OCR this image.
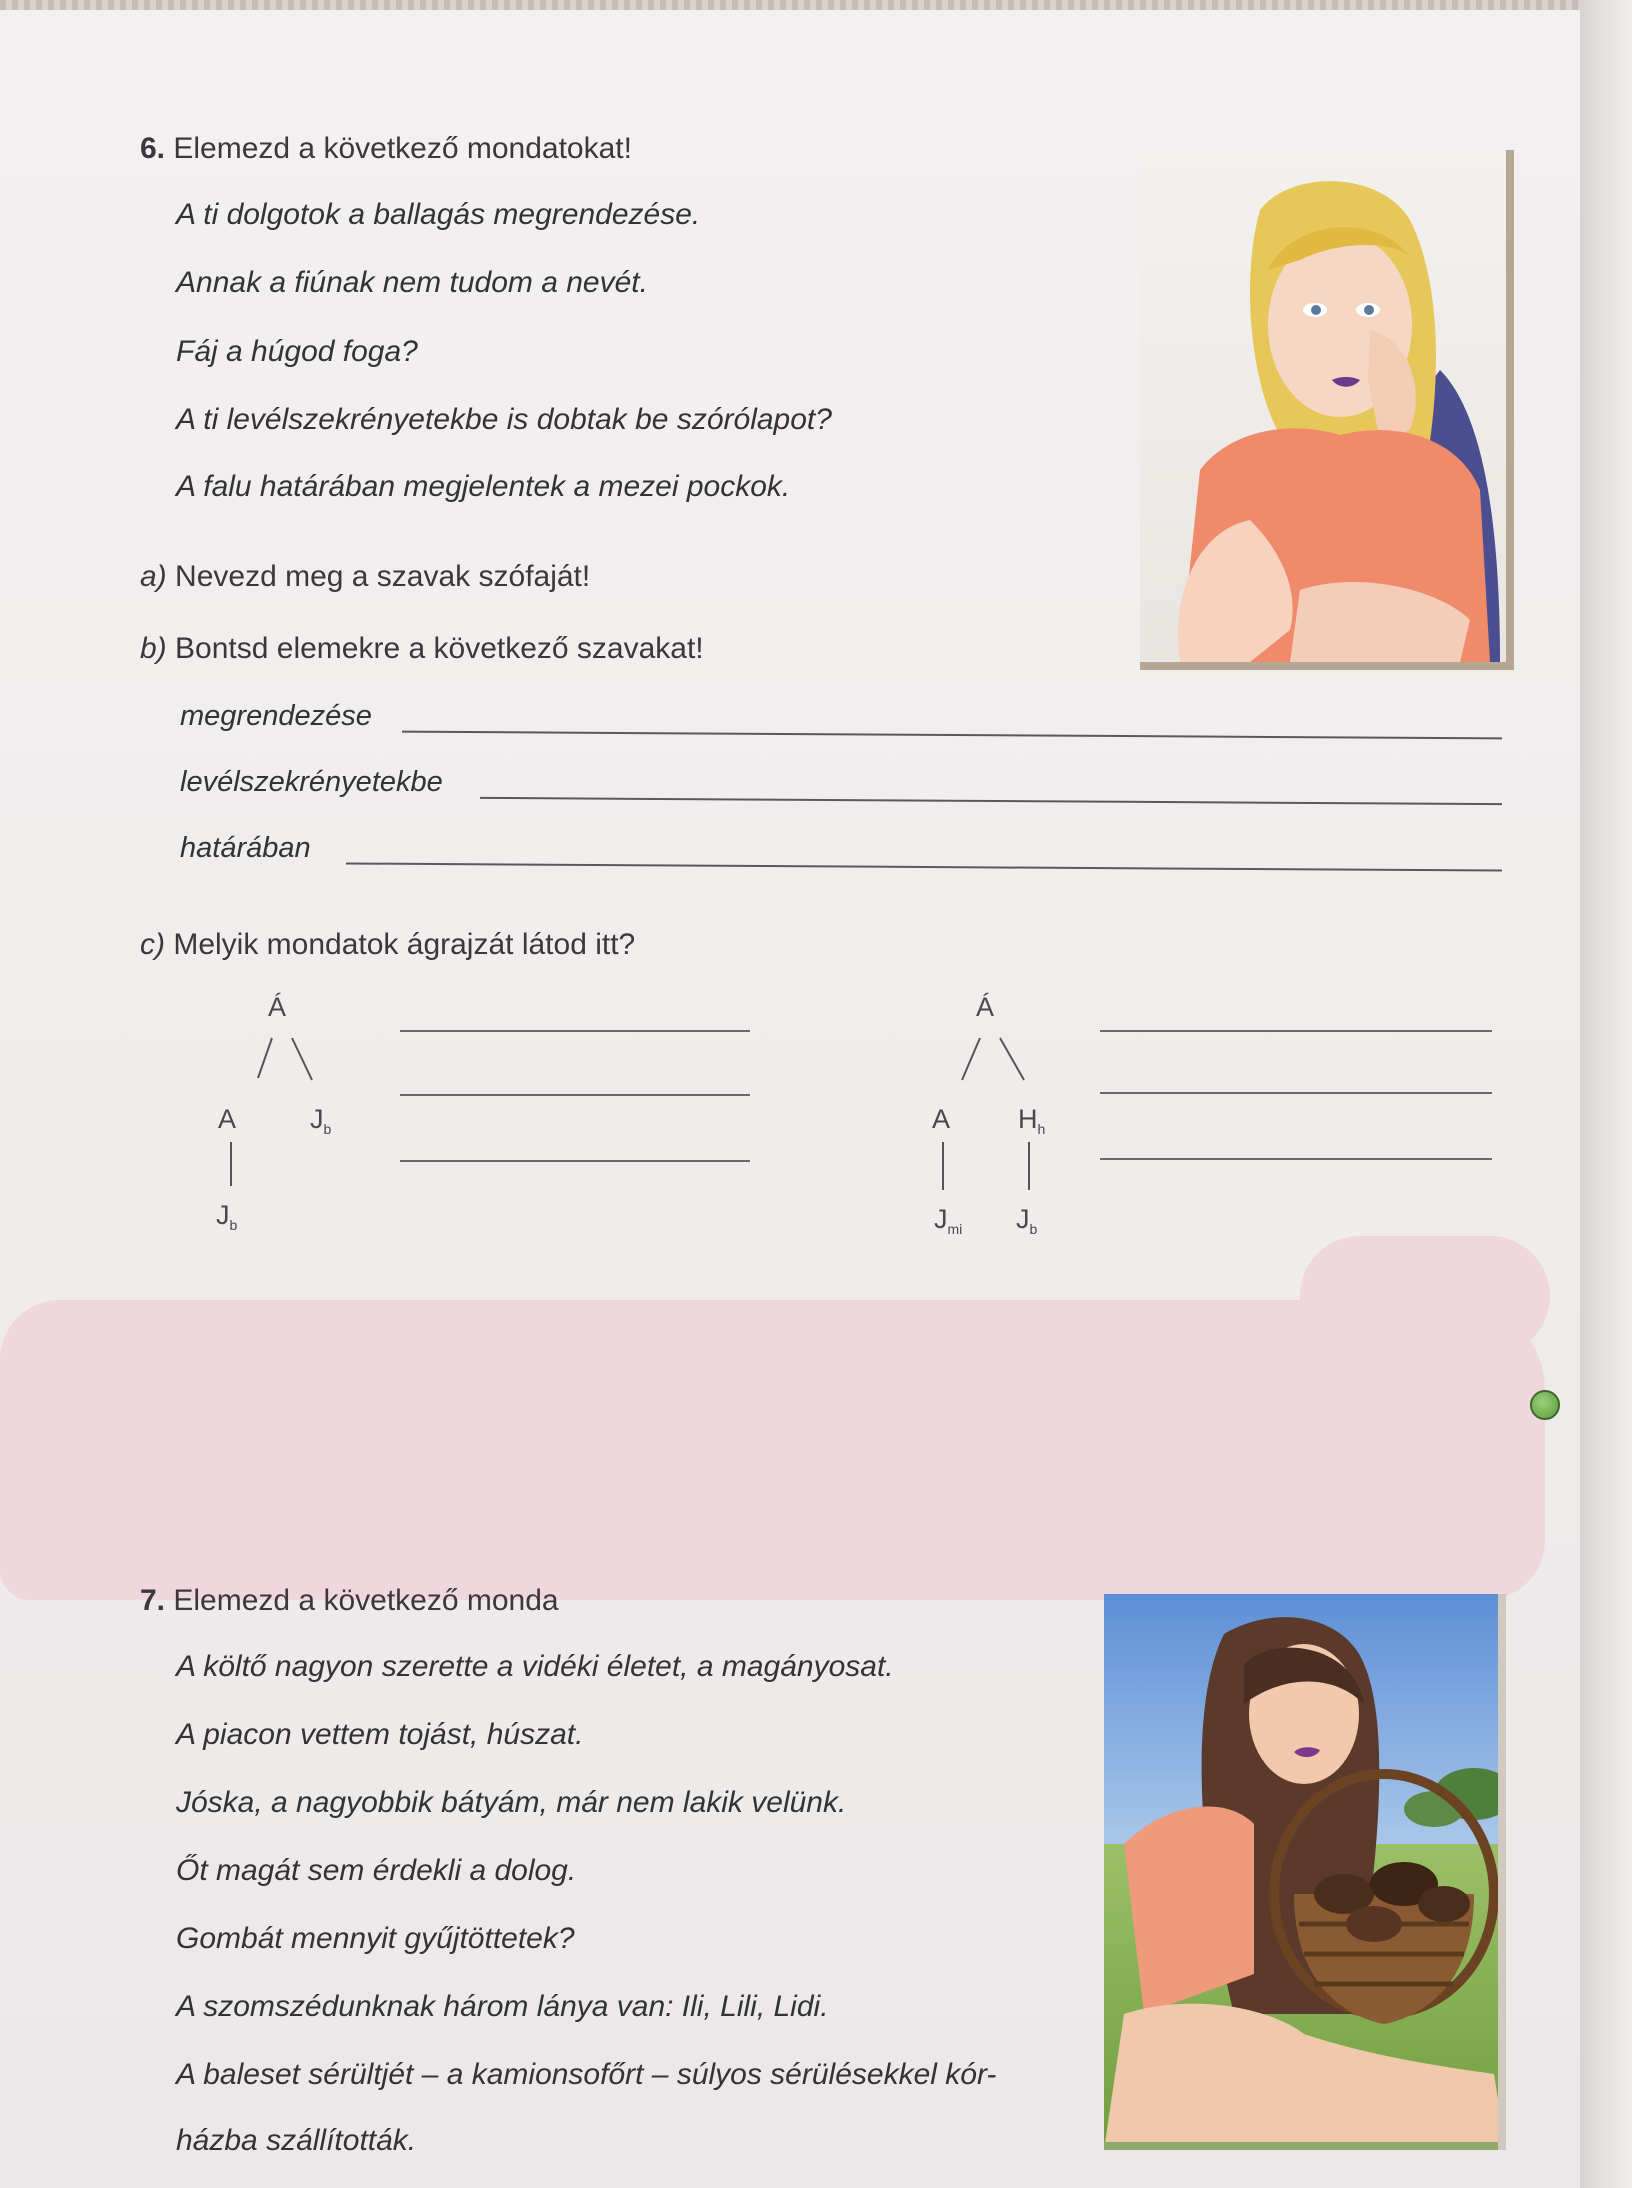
6. Elemezd a következő mondatokat!
A ti dolgotok a ballagás megrendezése.
Annak a fiúnak nem tudom a nevét.
Fáj a húgod foga?
A ti levélszekrényetekbe is dobtak be szórólapot?
A falu határában megjelentek a mezei pockok.
a) Nevezd meg a szavak szófaját!
b) Bontsd elemekre a következő szavakat!
megrendezése
levélszekrényetekbe
határában
c) Melyik mondatok ágrajzát látod itt?
Á
A	$J_b$
$J_b$
Á
A	$H_h$
$J_{mi}$ $J_b$
7. Elemezd a következő monda
A költő nagyon szerette a vidéki életet, a magányosat.
A piacon vettem tojást, húszat.
Jóska, a nagyobbik bátyám, már nem lakik velünk.
Őt magát sem érdekli a dolog.
Gombát mennyit gyűjtöttetek?
A szomszédunknak három lánya van: Ili, Lili, Lidi.
A baleset sérültjét – a kamionsofőrt – súlyos sérülésekkel kór-
házba szállították.
